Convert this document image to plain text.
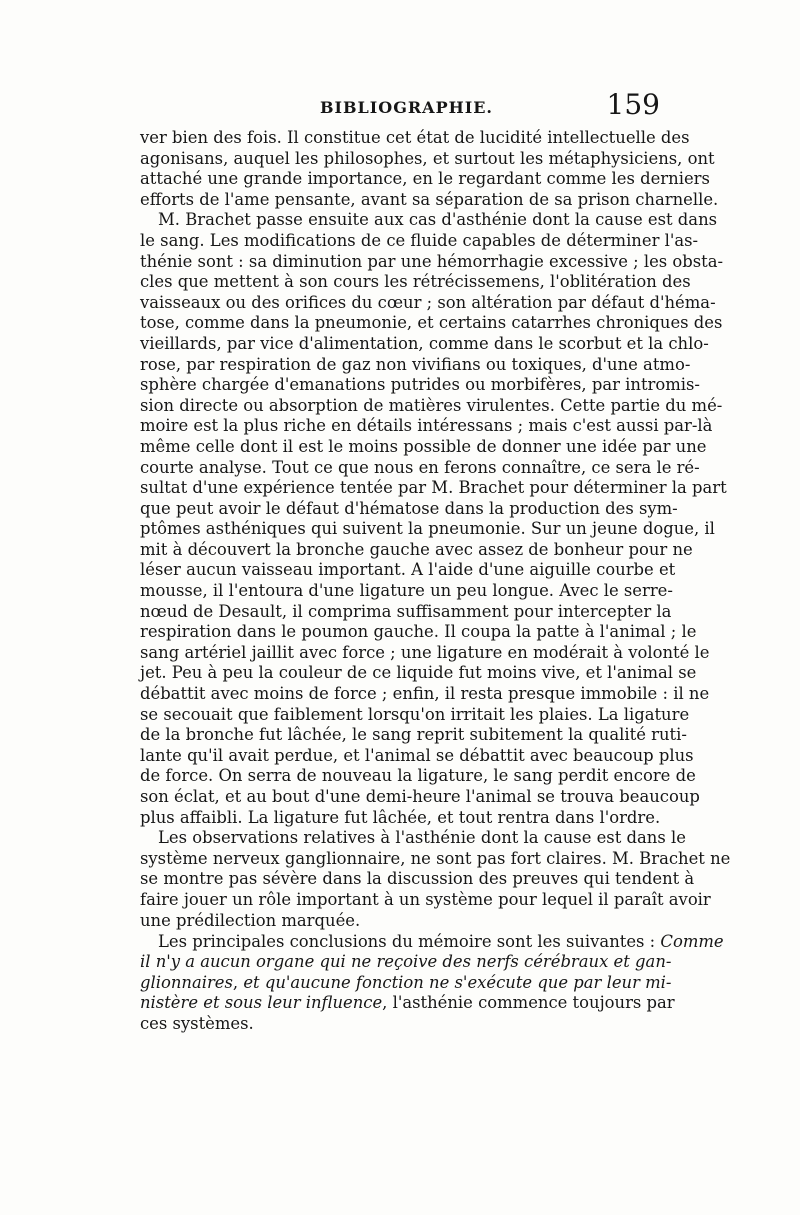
BIBLIOGRAPHIE.	159
ver bien des fois. Il constitue cet état de lucidité intellectuelle des
agonisans, auquel les philosophes, et surtout les métaphysiciens, ont
attaché une grande importance, en le regardant comme les derniers
efforts de l'ame pensante, avant sa séparation de sa prison charnelle.
M. Brachet passe ensuite aux cas d'asthénie dont la cause est dans
le sang. Les modifications de ce fluide capables de déterminer l'as-
thénie sont : sa diminution par une hémorrhagie excessive ; les obsta-
cles que mettent à son cours les rétrécissemens, l'oblitération des
vaisseaux ou des orifices du cœur ; son altération par défaut d'héma-
tose, comme dans la pneumonie, et certains catarrhes chroniques des
vieillards, par vice d'alimentation, comme dans le scorbut et la chlo-
rose, par respiration de gaz non vivifians ou toxiques, d'une atmo-
sphère chargée d'emanations putrides ou morbifères, par intromis-
sion directe ou absorption de matières virulentes. Cette partie du mé-
moire est la plus riche en détails intéressans ; mais c'est aussi par-là
même celle dont il est le moins possible de donner une idée par une
courte analyse. Tout ce que nous en ferons connaître, ce sera le ré-
sultat d'une expérience tentée par M. Brachet pour déterminer la part
que peut avoir le défaut d'hématose dans la production des sym-
ptômes asthéniques qui suivent la pneumonie. Sur un jeune dogue, il
mit à découvert la bronche gauche avec assez de bonheur pour ne
léser aucun vaisseau important. A l'aide d'une aiguille courbe et
mousse, il l'entoura d'une ligature un peu longue. Avec le serre-
nœud de Desault, il comprima suffisamment pour intercepter la
respiration dans le poumon gauche. Il coupa la patte à l'animal ; le
sang artériel jaillit avec force ; une ligature en modérait à volonté le
jet. Peu à peu la couleur de ce liquide fut moins vive, et l'animal se
débattit avec moins de force ; enfin, il resta presque immobile : il ne
se secouait que faiblement lorsqu'on irritait les plaies. La ligature
de la bronche fut lâchée, le sang reprit subitement la qualité ruti-
lante qu'il avait perdue, et l'animal se débattit avec beaucoup plus
de force. On serra de nouveau la ligature, le sang perdit encore de
son éclat, et au bout d'une demi-heure l'animal se trouva beaucoup
plus affaibli. La ligature fut lâchée, et tout rentra dans l'ordre.
Les observations relatives à l'asthénie dont la cause est dans le
système nerveux ganglionnaire, ne sont pas fort claires. M. Brachet ne
se montre pas sévère dans la discussion des preuves qui tendent à
faire jouer un rôle important à un système pour lequel il paraît avoir
une prédilection marquée.
Les principales conclusions du mémoire sont les suivantes : Comme
il n'y a aucun organe qui ne reçoive des nerfs cérébraux et gan-
glionnaires, et qu'aucune fonction ne s'exécute que par leur mi-
nistère et sous leur influence, l'asthénie commence toujours par
ces systèmes.
